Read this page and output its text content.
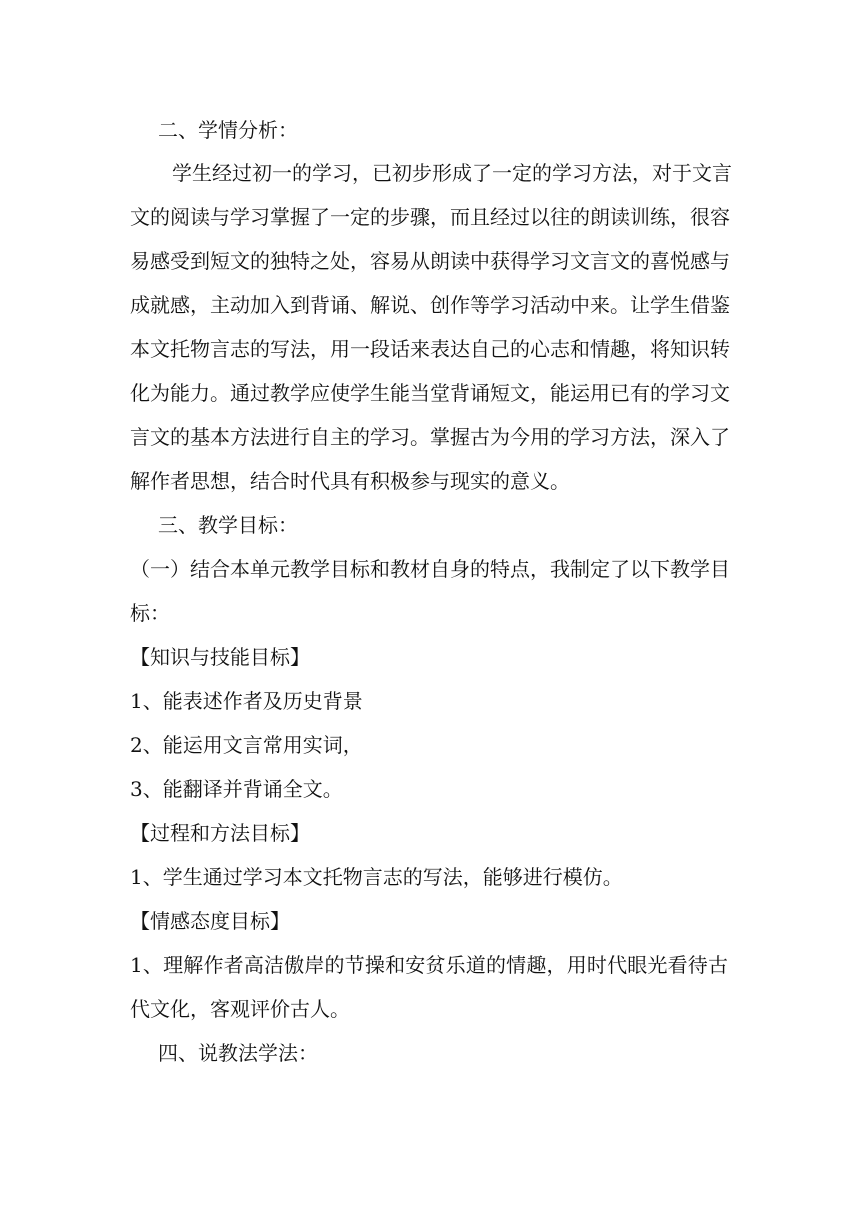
二、学情分析：
学生经过初一的学习，已初步形成了一定的学习方法，对于文言
文的阅读与学习掌握了一定的步骤，而且经过以往的朗读训练，很容
易感受到短文的独特之处，容易从朗读中获得学习文言文的喜悦感与
成就感，主动加入到背诵、解说、创作等学习活动中来。让学生借鉴
本文托物言志的写法，用一段话来表达自己的心志和情趣，将知识转
化为能力。通过教学应使学生能当堂背诵短文，能运用已有的学习文
言文的基本方法进行自主的学习。掌握古为今用的学习方法，深入了
解作者思想，结合时代具有积极参与现实的意义。
三、教学目标：
（一）结合本单元教学目标和教材自身的特点，我制定了以下教学目
标：
【知识与技能目标】
1、能表述作者及历史背景
2、能运用文言常用实词，
3、能翻译并背诵全文。
【过程和方法目标】
1、学生通过学习本文托物言志的写法，能够进行模仿。
【情感态度目标】
1、理解作者高洁傲岸的节操和安贫乐道的情趣，用时代眼光看待古
代文化，客观评价古人。
四、说教法学法：
